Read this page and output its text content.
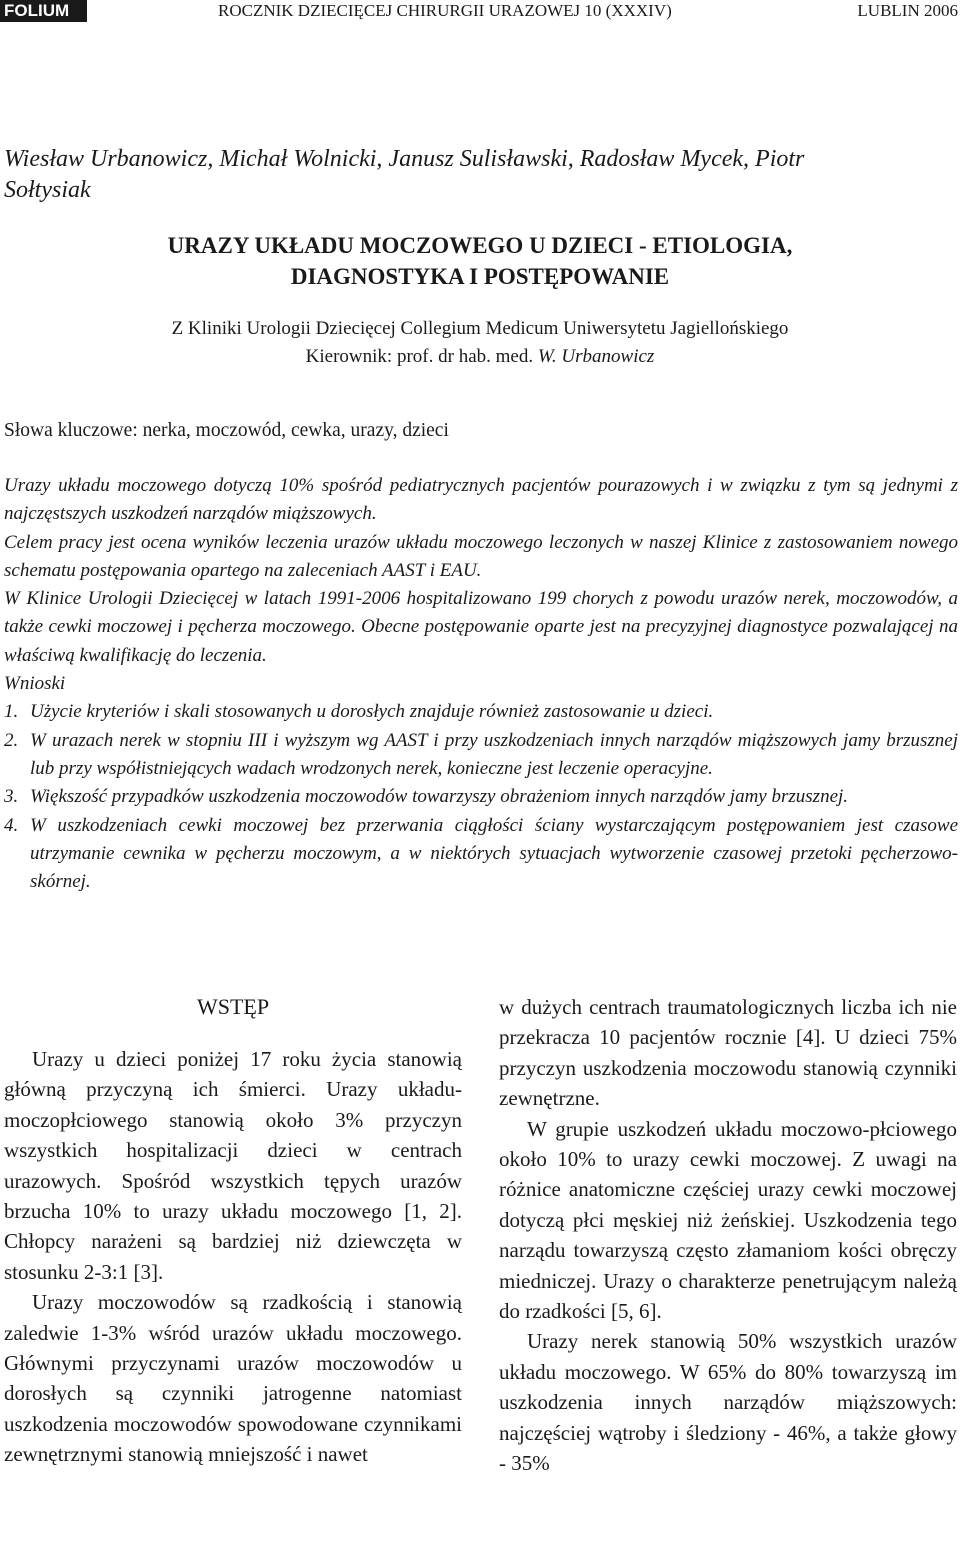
FOLIUM	ROCZNIK DZIECIĘCEJ CHIRURGII URAZOWEJ 10 (XXXIV)	LUBLIN 2006
Wiesław Urbanowicz, Michał Wolnicki, Janusz Sulisławski, Radosław Mycek, Piotr
Sołtysiak
URAZY UKŁADU MOCZOWEGO U DZIECI - ETIOLOGIA,
DIAGNOSTYKA I POSTĘPOWANIE
Z Kliniki Urologii Dziecięcej Collegium Medicum Uniwersytetu Jagiellońskiego
Kierownik: prof. dr hab. med. W. Urbanowicz
Słowa kluczowe: nerka, moczowód, cewka, urazy, dzieci

Urazy układu moczowego dotyczą 10% spośród pediatrycznych pacjentów pourazowych i w związku z tym są jednymi z najczęstszych uszkodzeń narządów miąższowych.

Celem pracy jest ocena wyników leczenia urazów układu moczowego leczonych w naszej Klinice z zastosowaniem nowego schematu postępowania opartego na zaleceniach AAST i EAU.

W Klinice Urologii Dziecięcej w latach 1991-2006 hospitalizowano 199 chorych z powodu urazów nerek, moczowodów, a także cewki moczowej i pęcherza moczowego. Obecne postępowanie oparte jest na precyzyjnej diagnostyce pozwalającej na właściwą kwalifikację do leczenia.

Wnioski

1. Użycie kryteriów i skali stosowanych u dorosłych znajduje również zastosowanie u dzieci.
2. W urazach nerek w stopniu III i wyższym wg AAST i przy uszkodzeniach innych narządów miąższowych jamy brzusznej lub przy współistniejących wadach wrodzonych nerek, konieczne jest leczenie operacyjne.
3. Większość przypadków uszkodzenia moczowodów towarzyszy obrażeniom innych narządów jamy brzusznej.
4. W uszkodzeniach cewki moczowej bez przerwania ciągłości ściany wystarczającym postępowaniem jest czasowe utrzymanie cewnika w pęcherzu moczowym, a w niektórych sytuacjach wytworzenie czasowej przetoki pęcherzowo-skórnej.
WSTĘP

Urazy u dzieci poniżej 17 roku życia stanowią główną przyczyną ich śmierci. Urazy układu-moczopłciowego stanowią około 3% przyczyn wszystkich hospitalizacji dzieci w centrach urazowych. Spośród wszystkich tępych urazów brzucha 10% to urazy układu moczowego [1, 2]. Chłopcy narażeni są bardziej niż dziewczęta w stosunku 2-3:1 [3].

Urazy moczowodów są rzadkością i stanowią zaledwie 1-3% wśród urazów układu moczowego. Głównymi przyczynami urazów moczowodów u dorosłych są czynniki jatrogenne natomiast uszkodzenia moczowodów spowodowane czynnikami zewnętrznymi stanowią mniejszość i nawet

w dużych centrach traumatologicznych liczba ich nie przekracza 10 pacjentów rocznie [4]. U dzieci 75% przyczyn uszkodzenia moczowodu stanowią czynniki zewnętrzne.

W grupie uszkodzeń układu moczowo-płciowego około 10% to urazy cewki moczowej. Z uwagi na różnice anatomiczne częściej urazy cewki moczowej dotyczą płci męskiej niż żeńskiej. Uszkodzenia tego narządu towarzyszą często złamaniom kości obręczy miedniczej. Urazy o charakterze penetrującym należą do rzadkości [5, 6].

Urazy nerek stanowią 50% wszystkich urazów układu moczowego. W 65% do 80% towarzyszą im uszkodzenia innych narządów miąższowych: najczęściej wątroby i śledziony - 46%, a także głowy - 35%
